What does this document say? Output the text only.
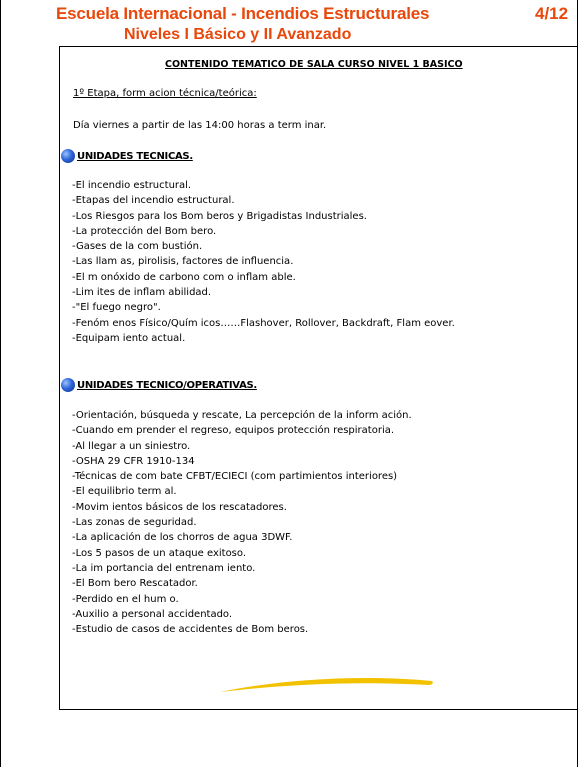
Escuela Internacional - Incendios Estructurales
Niveles I Básico y II Avanzado
4/12
CONTENIDO TEMATICO DE SALA CURSO NIVEL 1 BASICO
1º Etapa, form acion técnica/teórica:
Día viernes a partir de las 14:00 horas a term inar.
UNIDADES TECNICAS.
-El incendio estructural.
-Etapas del incendio estructural.
-Los Riesgos para los Bom beros y Brigadistas Industriales.
-La protección del Bom bero.
-Gases de la com bustión.
-Las llam as, pirolisis, factores de influencia.
-El m onóxido de carbono com o inflam able.
-Lim ites de inflam abilidad.
-"El fuego negro".
-Fenóm enos Físico/Quím icos……Flashover, Rollover, Backdraft, Flam eover.
-Equipam iento actual.
UNIDADES TECNICO/OPERATIVAS.
-Orientación, búsqueda y rescate, La percepción de la inform ación.
-Cuando em prender el regreso, equipos protección respiratoria.
-Al llegar a un siniestro.
-OSHA 29 CFR 1910-134
-Técnicas de com bate CFBT/ECIECI (com partimientos interiores)
-El equilibrio term al.
-Movim ientos básicos de los rescatadores.
-Las zonas de seguridad.
-La aplicación de los chorros de agua 3DWF.
-Los 5 pasos de un ataque exitoso.
-La im portancia del entrenam iento.
-El Bom bero Rescatador.
-Perdido en el hum o.
-Auxilio a personal accidentado.
-Estudio de casos de accidentes de Bom beros.
